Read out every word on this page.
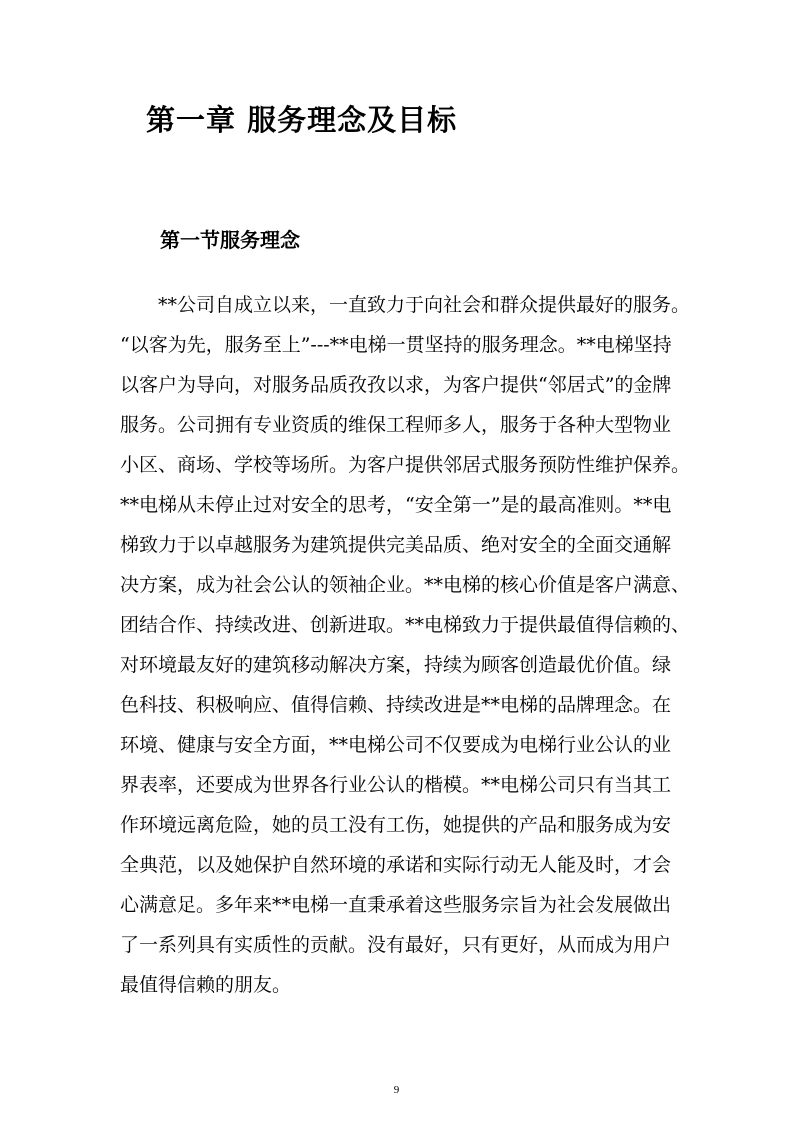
第一章 服务理念及目标
第一节服务理念
　　**公司自成立以来，一直致力于向社会和群众提供最好的服务。
“以客为先，服务至上”---**电梯一贯坚持的服务理念。**电梯坚持
以客户为导向，对服务品质孜孜以求，为客户提供“邻居式”的金牌
服务。公司拥有专业资质的维保工程师多人，服务于各种大型物业
小区、商场、学校等场所。为客户提供邻居式服务预防性维护保养。
**电梯从未停止过对安全的思考，“安全第一”是的最高准则。**电
梯致力于以卓越服务为建筑提供完美品质、绝对安全的全面交通解
决方案，成为社会公认的领袖企业。**电梯的核心价值是客户满意、
团结合作、持续改进、创新进取。**电梯致力于提供最值得信赖的、
对环境最友好的建筑移动解决方案，持续为顾客创造最优价值。绿
色科技、积极响应、值得信赖、持续改进是**电梯的品牌理念。在
环境、健康与安全方面，**电梯公司不仅要成为电梯行业公认的业
界表率，还要成为世界各行业公认的楷模。**电梯公司只有当其工
作环境远离危险，她的员工没有工伤，她提供的产品和服务成为安
全典范，以及她保护自然环境的承诺和实际行动无人能及时，才会
心满意足。多年来**电梯一直秉承着这些服务宗旨为社会发展做出
了一系列具有实质性的贡献。没有最好，只有更好，从而成为用户
最值得信赖的朋友。
9
